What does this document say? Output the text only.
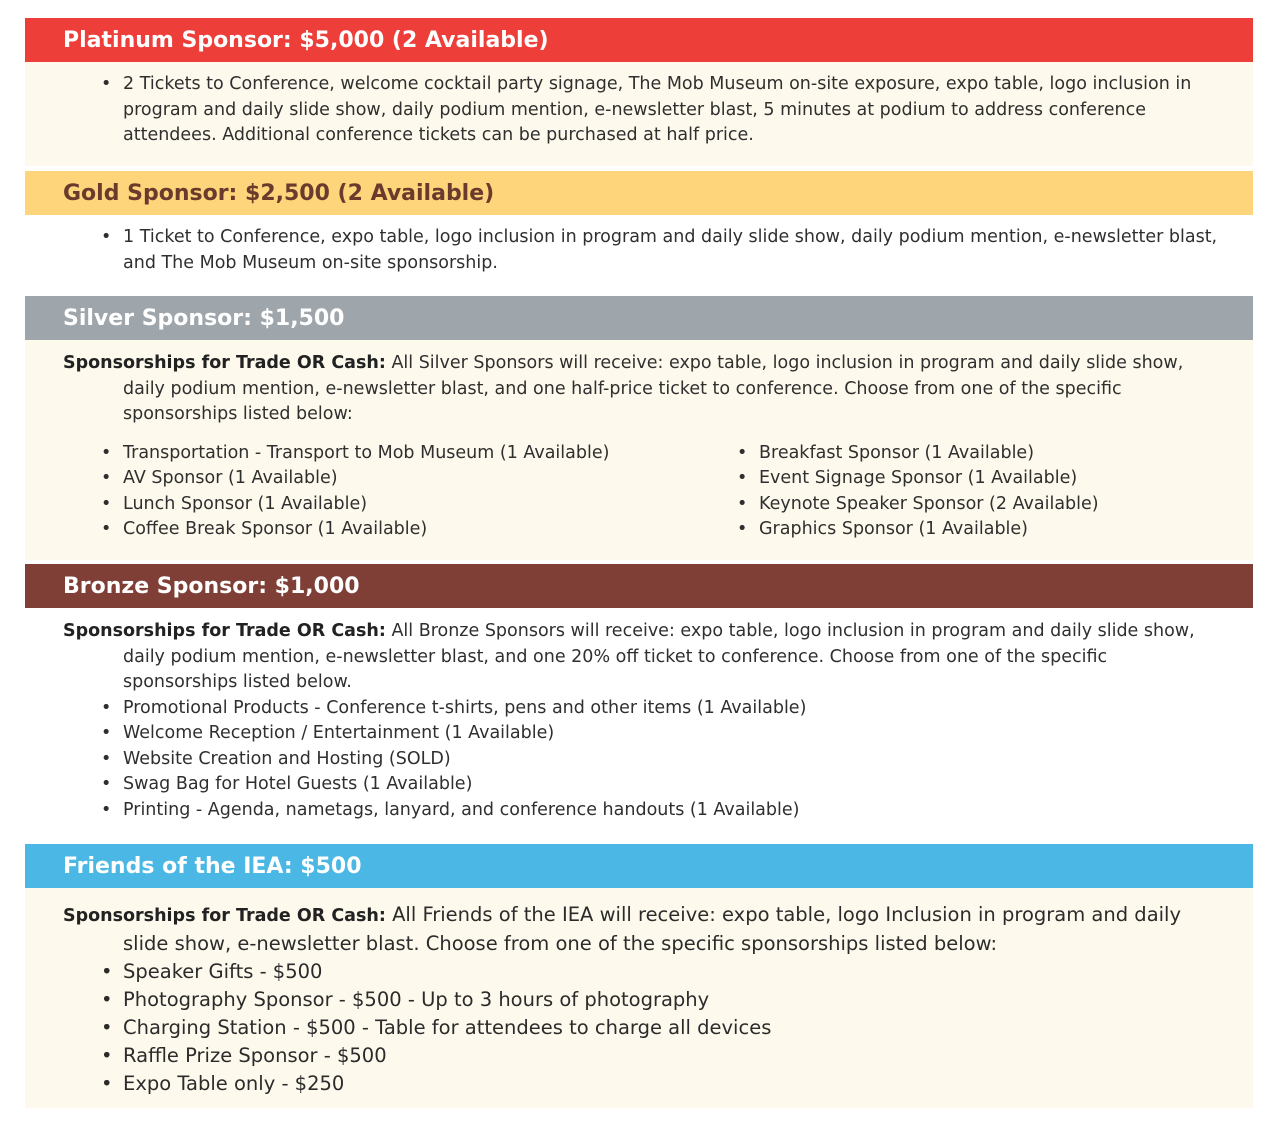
Platinum Sponsor: $5,000 (2 Available)
• 2 Tickets to Conference, welcome cocktail party signage, The Mob Museum on-site exposure, expo table, logo inclusion in program and daily slide show, daily podium mention, e-newsletter blast, 5 minutes at podium to address conference attendees. Additional conference tickets can be purchased at half price.
Gold Sponsor: $2,500 (2 Available)
• 1 Ticket to Conference, expo table, logo inclusion in program and daily slide show, daily podium mention, e-newsletter blast, and The Mob Museum on-site sponsorship.
Silver Sponsor: $1,500

Sponsorships for Trade OR Cash: All Silver Sponsors will receive: expo table, logo inclusion in program and daily slide show, daily podium mention, e-newsletter blast, and one half-price ticket to conference. Choose from one of the specific sponsorships listed below:

• Transportation - Transport to Mob Museum (1 Available)
• AV Sponsor (1 Available)
• Lunch Sponsor (1 Available)
• Coffee Break Sponsor (1 Available)
• Breakfast Sponsor (1 Available)
• Event Signage Sponsor (1 Available)
• Keynote Speaker Sponsor (2 Available)
• Graphics Sponsor (1 Available)
Bronze Sponsor: $1,000

Sponsorships for Trade OR Cash: All Bronze Sponsors will receive: expo table, logo inclusion in program and daily slide show, daily podium mention, e-newsletter blast, and one 20% off ticket to conference. Choose from one of the specific sponsorships listed below.

• Promotional Products - Conference t-shirts, pens and other items (1 Available)
• Welcome Reception / Entertainment (1 Available)
• Website Creation and Hosting (SOLD)
• Swag Bag for Hotel Guests (1 Available)
• Printing - Agenda, nametags, lanyard, and conference handouts (1 Available)
Friends of the IEA: $500

Sponsorships for Trade OR Cash: All Friends of the IEA will receive: expo table, logo Inclusion in program and daily slide show, e-newsletter blast. Choose from one of the specific sponsorships listed below:

• Speaker Gifts - $500
• Photography Sponsor - $500 - Up to 3 hours of photography
• Charging Station - $500 - Table for attendees to charge all devices
• Raffle Prize Sponsor - $500
• Expo Table only - $250
